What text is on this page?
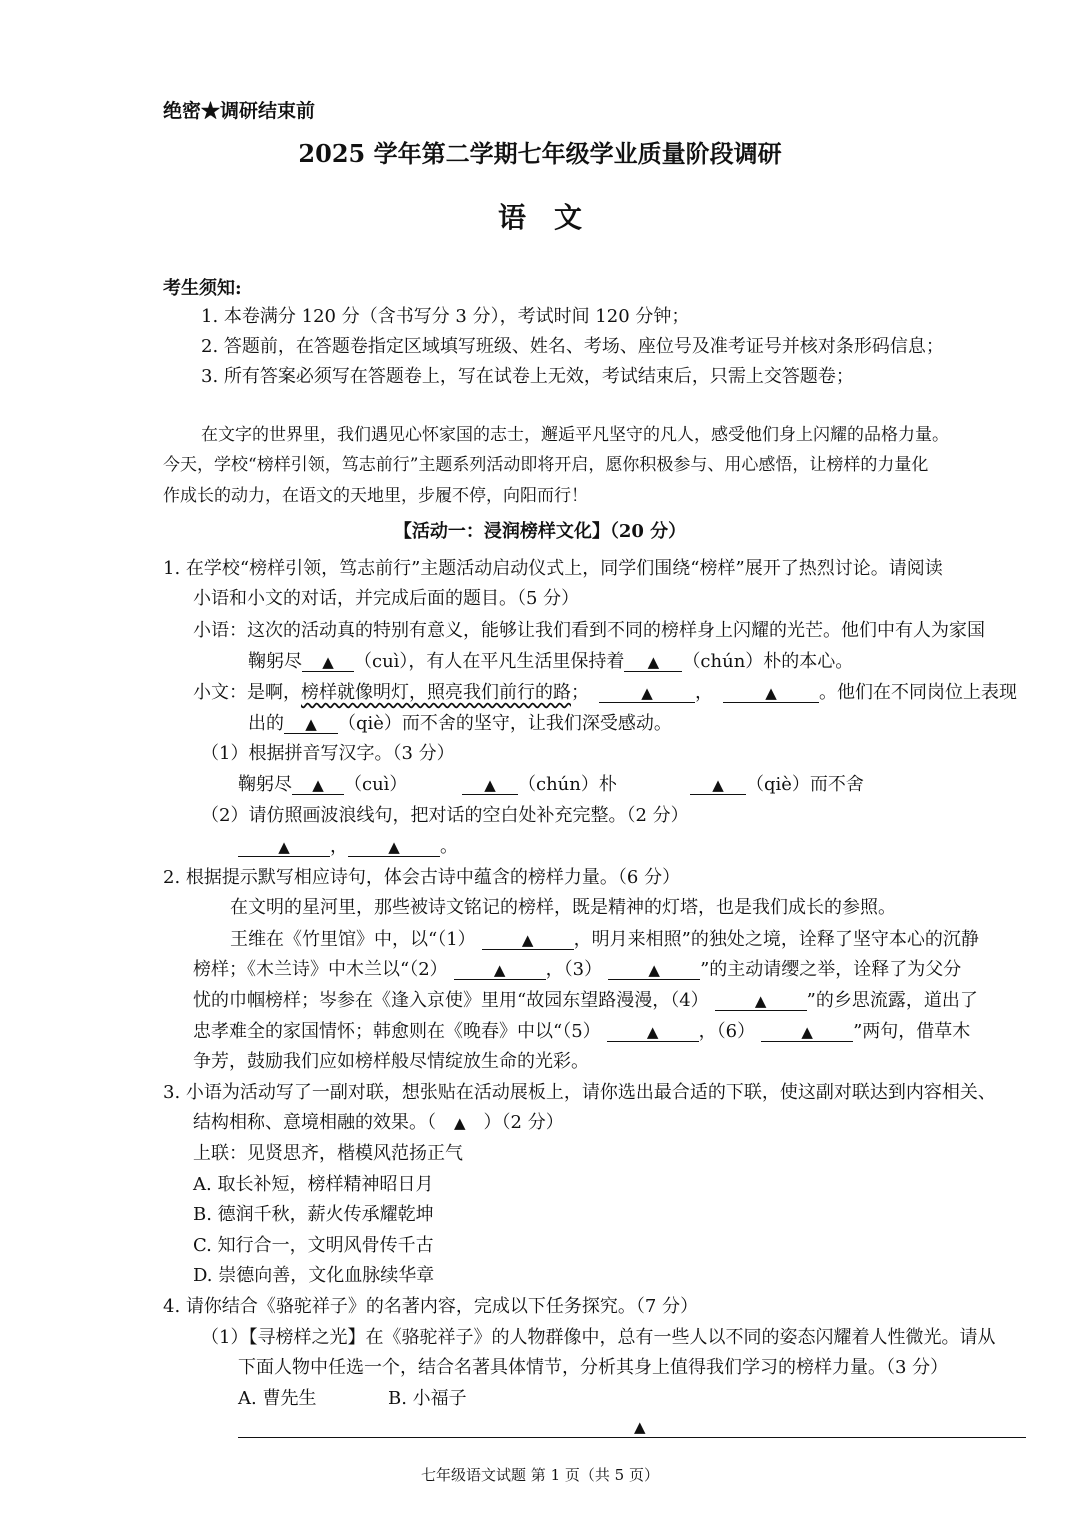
绝密★调研结束前
2025 学年第二学期七年级学业质量阶段调研
语文
考生须知:
1. 本卷满分 120 分（含书写分 3 分），考试时间 120 分钟；
2. 答题前，在答题卷指定区域填写班级、姓名、考场、座位号及准考证号并核对条形码信息；
3. 所有答案必须写在答题卷上，写在试卷上无效，考试结束后，只需上交答题卷；
在文字的世界里，我们遇见心怀家国的志士，邂逅平凡坚守的凡人，感受他们身上闪耀的品格力量。
今天，学校“榜样引领，笃志前行”主题系列活动即将开启，愿你积极参与、用心感悟，让榜样的力量化
作成长的动力，在语文的天地里，步履不停，向阳而行！
【活动一：浸润榜样文化】（20 分）
1. 在学校“榜样引领，笃志前行”主题活动启动仪式上，同学们围绕“榜样”展开了热烈讨论。请阅读
小语和小文的对话，并完成后面的题目。（5 分）
小语：这次的活动真的特别有意义，能够让我们看到不同的榜样身上闪耀的光芒。他们中有人为家国
鞠躬尽 ▲ （cuì），有人在平凡生活里保持着 ▲ （chún）朴的本心。
小文：是啊，榜样就像明灯，照亮我们前行的路；	▲ ，	▲ 。他们在不同岗位上表现
出的 ▲ （qiè）而不舍的坚守，让我们深受感动。
（1）根据拼音写汉字。（3 分）
鞠躬尽 ▲ （cuì）	▲ （chún）朴	▲ （qiè）而不舍
（2）请仿照画波浪线句，把对话的空白处补充完整。（2 分）
▲ ，	▲ 。
2. 根据提示默写相应诗句，体会古诗中蕴含的榜样力量。（6 分）
在文明的星河里，那些被诗文铭记的榜样，既是精神的灯塔，也是我们成长的参照。
王维在《竹里馆》中，以“（1）	▲ ，明月来相照”的独处之境，诠释了坚守本心的沉静
榜样；《木兰诗》中木兰以“（2）	▲ ，（3）	▲ ”的主动请缨之举，诠释了为父分
忧的巾帼榜样；岑参在《逢入京使》里用“故园东望路漫漫，（4）	▲ ”的乡思流露，道出了
忠孝难全的家国情怀；韩愈则在《晚春》中以“（5）	▲ ，（6）	▲ ”两句，借草木
争芳，鼓励我们应如榜样般尽情绽放生命的光彩。
3. 小语为活动写了一副对联，想张贴在活动展板上，请你选出最合适的下联，使这副对联达到内容相关、
结构相称、意境相融的效果。（ ▲ ）（2 分）
上联：见贤思齐，楷模风范扬正气
A. 取长补短，榜样精神昭日月
B. 德润千秋，薪火传承耀乾坤
C. 知行合一，文明风骨传千古
D. 崇德向善，文化血脉续华章
4. 请你结合《骆驼祥子》的名著内容，完成以下任务探究。（7 分）
（1）【寻榜样之光】在《骆驼祥子》的人物群像中，总有一些人以不同的姿态闪耀着人性微光。请从
下面人物中任选一个，结合名著具体情节，分析其身上值得我们学习的榜样力量。（3 分）
A. 曹先生	B. 小福子
▲
七年级语文试题 第 1 页（共 5 页）
